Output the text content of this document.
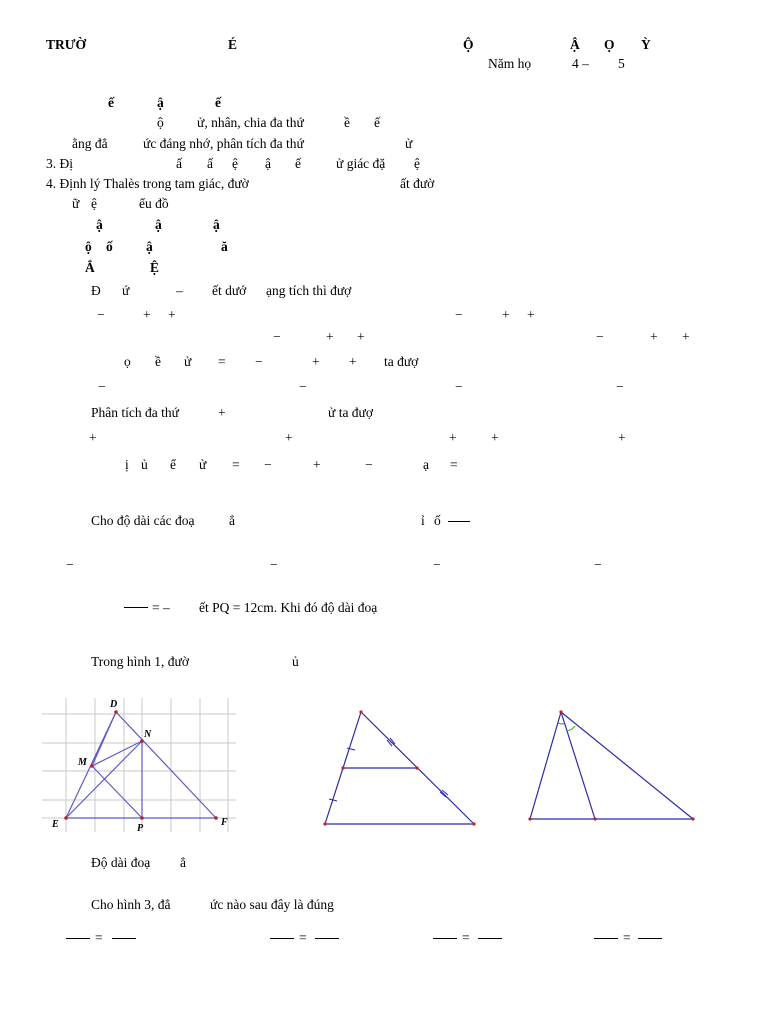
TRƯỜ	É	Ộ	Ậ Ọ Ỳ
Năm họ	4 – 5
ế	ậ	ế
ộ ử, nhân, chia đa thứ	ề ế
ằng đẳ	ức đáng nhớ, phân tích đa thứ	ử
3. Đị	ấ ấ ệ ậ ế	ử giác đặ ệ
4. Định lý Thalès trong tam giác, đườ	ất đườ
ữ ệ	ểu đồ
ậ	ậ	ậ
ộ ố ậ	ă
Ắ	Ệ
Đ ứ	– ết dướ ạng tích thì đượ
−	+ +	−	+ +
−	+ +	−	+ +
ọ ề ử = −	+ + ta đượ
−	−	−	−
Phân tích đa thứ	+	ử ta đượ
+	+	+	+	+
ị ủ ể ử = −	+	−	ạ =
Cho độ dài các đoạ	ẳ	ỉ ố
−	−	−	−
= – ết PQ = 12cm. Khi đó độ dài đoạ
Trong hình 1, đườ	ủ
D
N
M
E	P
F
Độ dài đoạ ẳ
Cho hình 3, đẳ	ức nào sau đây là đúng
=	=	=	=
